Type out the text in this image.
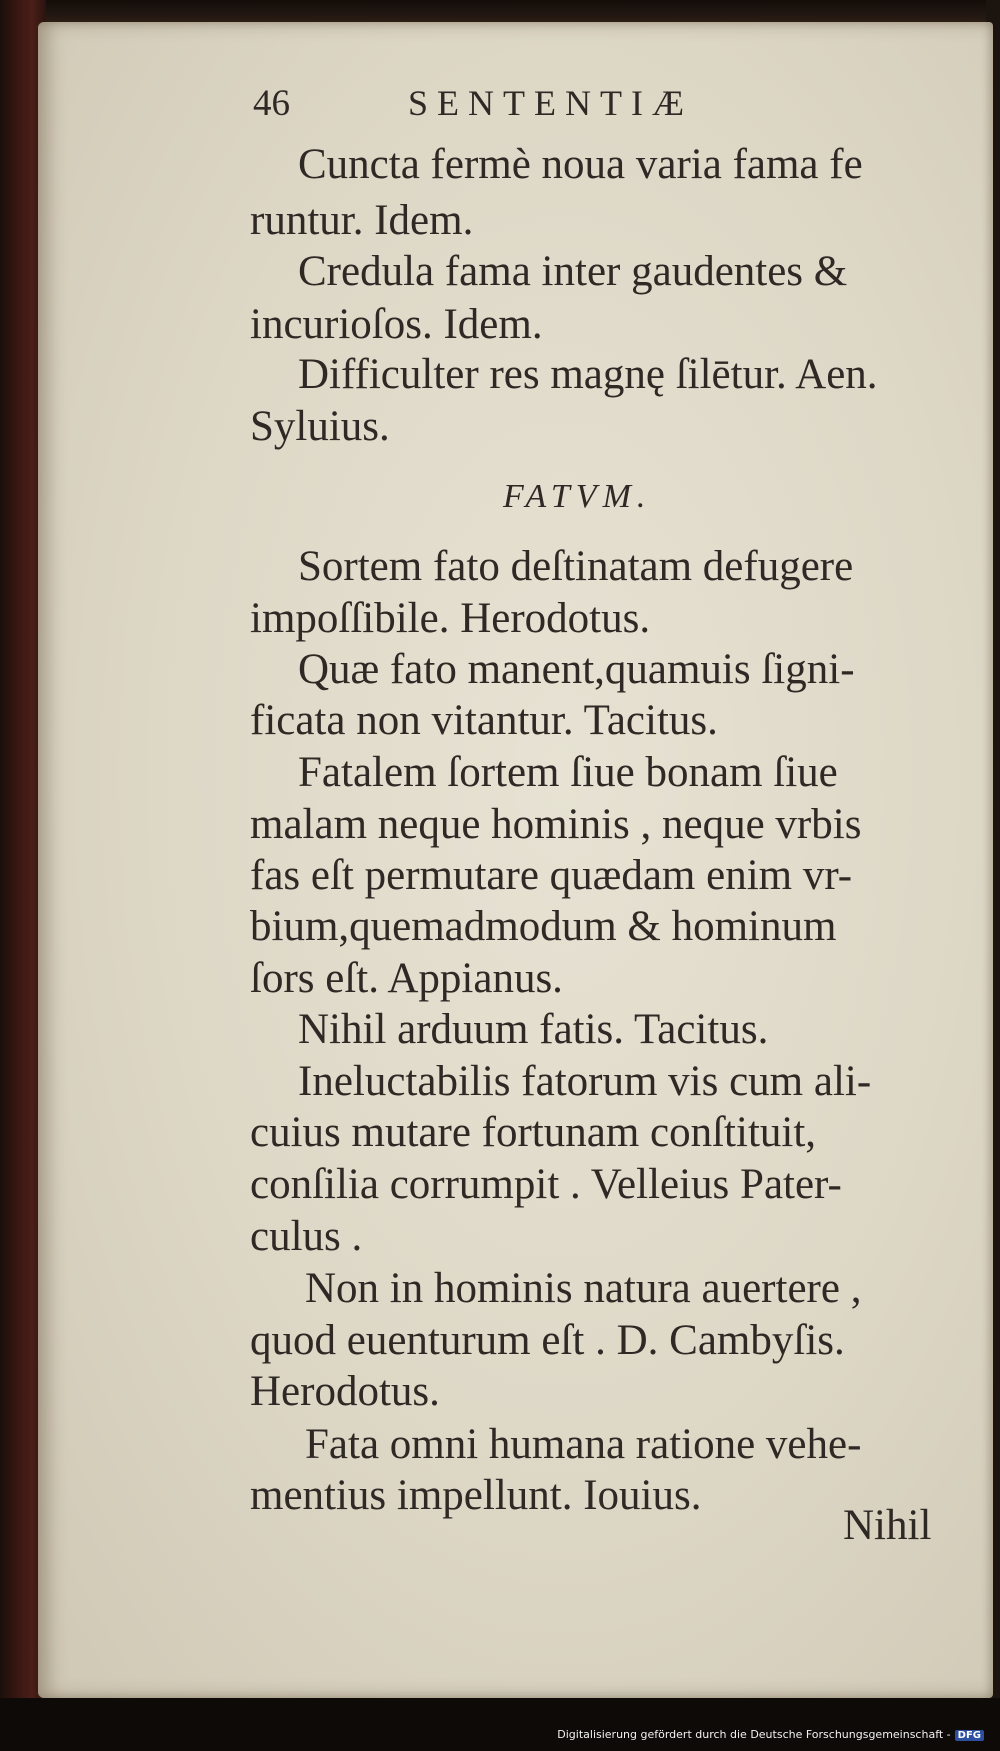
46	SENTENTIÆ
Cuncta fermè noua varia fama fe
runtur. Idem.
Credula fama inter gaudentes &
incurioſos. Idem.
Difficulter res magnę ſilētur. Aen.
Syluius.
FATVM.
Sortem fato deſtinatam defugere
impoſſibile. Herodotus.
Quæ fato manent,quamuis ſigni-
ficata non vitantur. Tacitus.
Fatalem ſortem ſiue bonam ſiue
malam neque hominis , neque vrbis
fas eſt permutare quædam enim vr-
bium,quemadmodum & hominum
ſors eſt. Appianus.
Nihil arduum fatis. Tacitus.
Ineluctabilis fatorum vis cum ali-
cuius mutare fortunam conſtituit,
conſilia corrumpit . Velleius Pater-
culus .
Non in hominis natura auertere ,
quod euenturum eſt . D. Cambyſis.
Herodotus.
Fata omni humana ratione vehe-
mentius impellunt. Iouius.
Nihil
Digitalisierung gefördert durch die Deutsche Forschungsgemeinschaft - DFG
